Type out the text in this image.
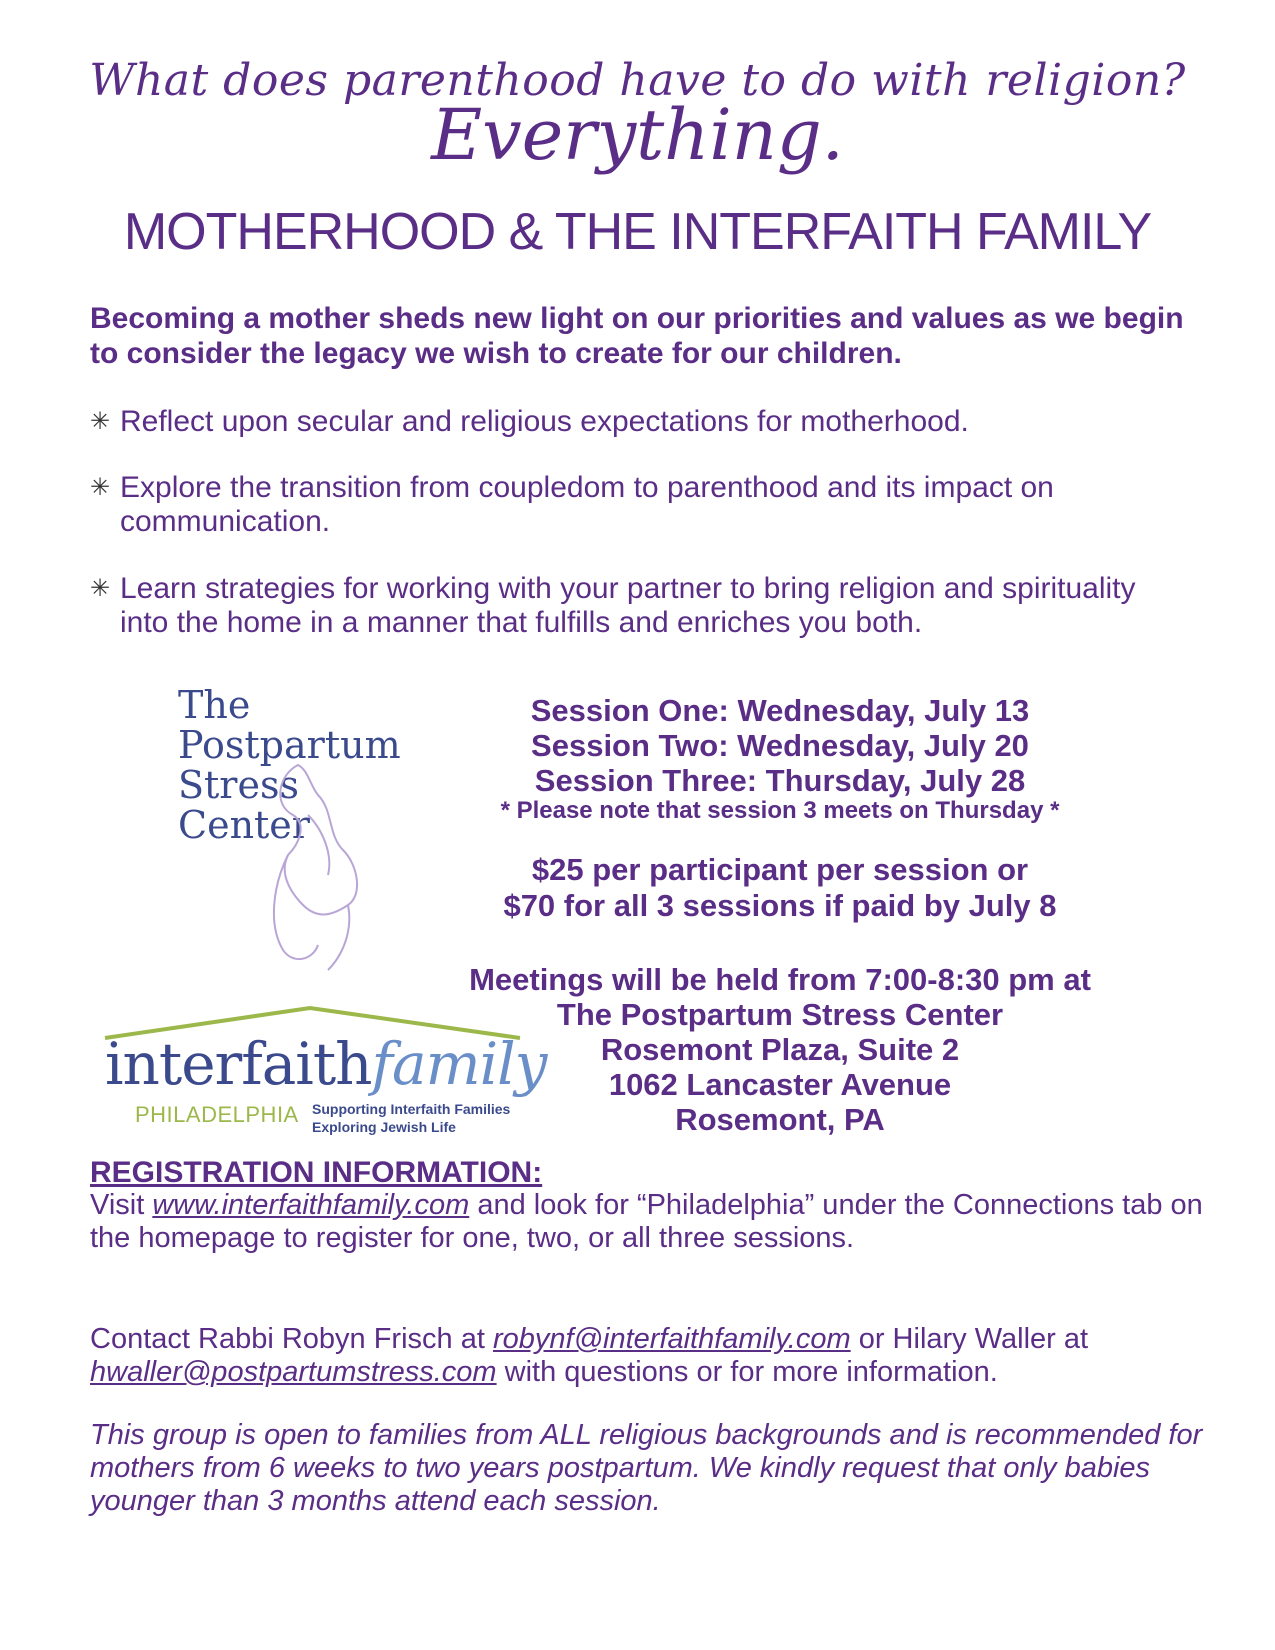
What does parenthood have to do with religion?
Everything.
MOTHERHOOD & THE INTERFAITH FAMILY
Becoming a mother sheds new light on our priorities and values as we begin to consider the legacy we wish to create for our children.
✳ Reflect upon secular and religious expectations for motherhood.
✳ Explore the transition from coupledom to parenthood and its impact on communication.
✳ Learn strategies for working with your partner to bring religion and spirituality into the home in a manner that fulfills and enriches you both.
The
Postpartum
Stress
Center
interfaithfamily
PHILADELPHIA Supporting Interfaith Families
Exploring Jewish Life
Session One: Wednesday, July 13
Session Two: Wednesday, July 20
Session Three: Thursday, July 28
* Please note that session 3 meets on Thursday *
$25 per participant per session or
$70 for all 3 sessions if paid by July 8
Meetings will be held from 7:00-8:30 pm at
The Postpartum Stress Center
Rosemont Plaza, Suite 2
1062 Lancaster Avenue
Rosemont, PA
REGISTRATION INFORMATION:
Visit www.interfaithfamily.com and look for “Philadelphia” under the Connections tab on the homepage to register for one, two, or all three sessions.
Contact Rabbi Robyn Frisch at robynf@interfaithfamily.com or Hilary Waller at hwaller@postpartumstress.com with questions or for more information.
This group is open to families from ALL religious backgrounds and is recommended for mothers from 6 weeks to two years postpartum. We kindly request that only babies younger than 3 months attend each session.
